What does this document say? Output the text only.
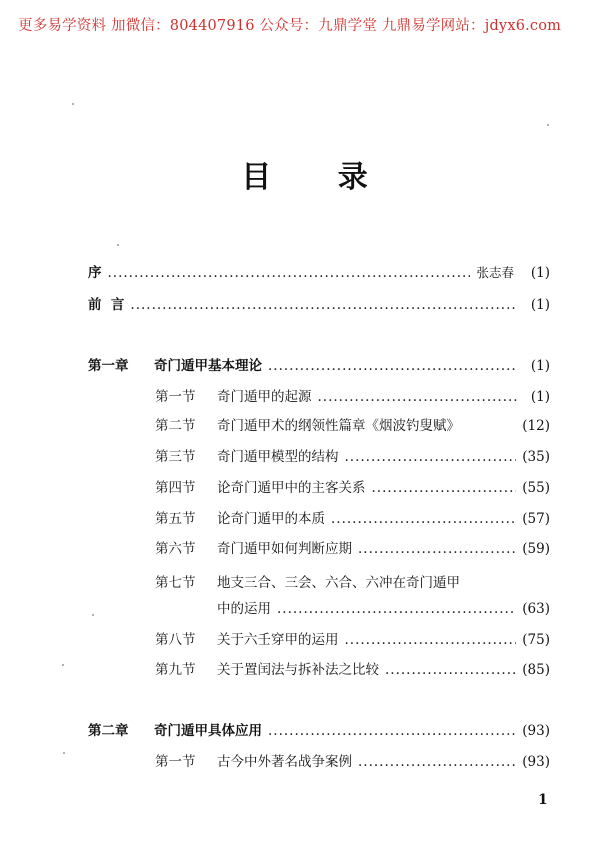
更多易学资料 加微信：804407916 公众号：九鼎学堂 九鼎易学网站：jdyx6.com
目 录
序 .....	张志春	(1)
前  言 .....	(1)
第一章 奇门遁甲基本理论 .....	(1)
第一节 奇门遁甲的起源 .....	(1)
第二节 奇门遁甲术的纲领性篇章《烟波钓叟赋》	(12)
第三节 奇门遁甲模型的结构 .....	(35)
第四节 论奇门遁甲中的主客关系 .....	(55)
第五节 论奇门遁甲的本质 .....	(57)
第六节 奇门遁甲如何判断应期 .....	(59)
第七节 地支三合、三会、六合、六冲在奇门遁甲
中的运用 .....	(63)
第八节 关于六壬穿甲的运用 .....	(75)
第九节 关于置闰法与拆补法之比较 .....	(85)
第二章 奇门遁甲具体应用 .....	(93)
第一节 古今中外著名战争案例 .....	(93)
1
